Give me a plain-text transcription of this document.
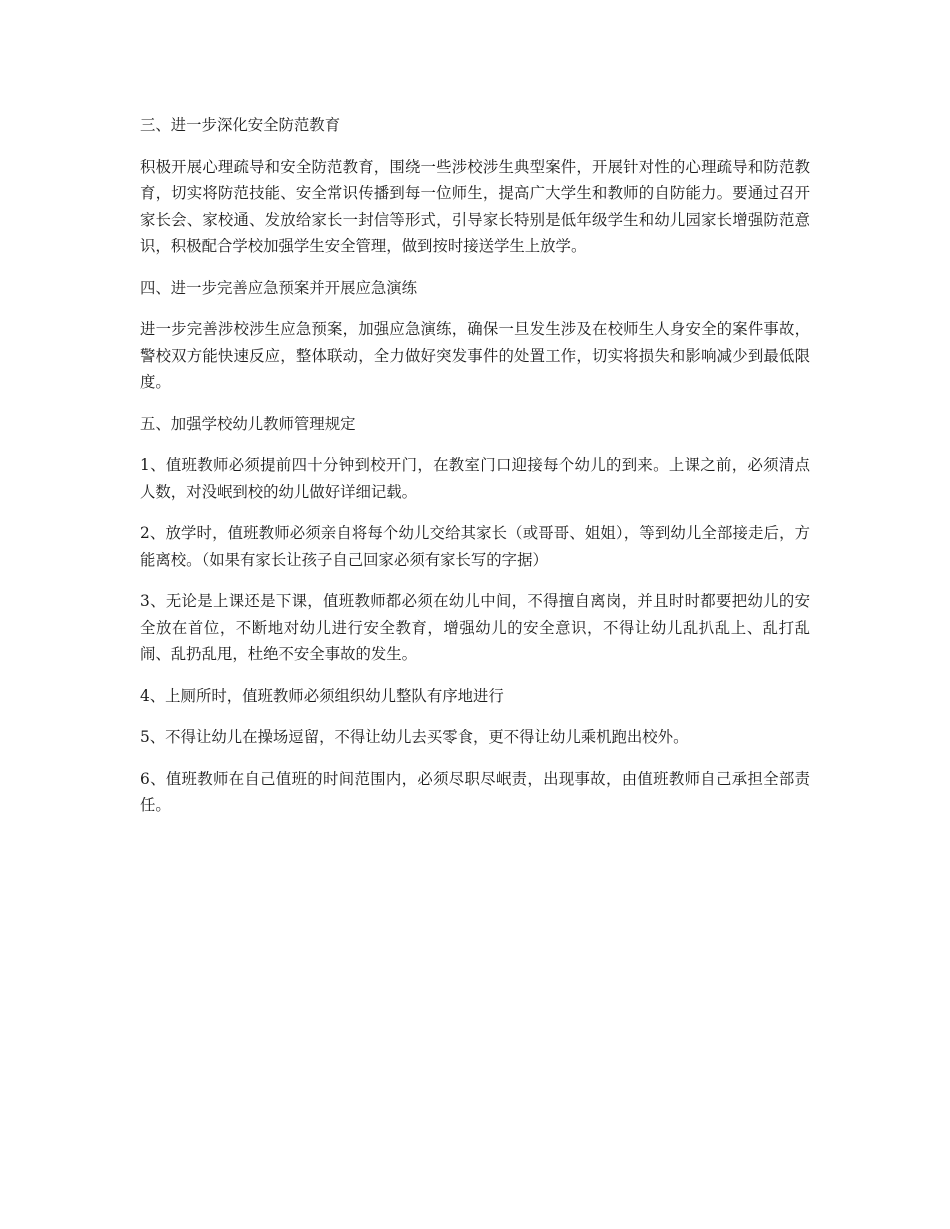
三、进一步深化安全防范教育

积极开展心理疏导和安全防范教育，围绕一些涉校涉生典型案件，开展针对性的心理疏导和防范教育，切实将防范技能、安全常识传播到每一位师生，提高广大学生和教师的自防能力。要通过召开家长会、家校通、发放给家长一封信等形式，引导家长特别是低年级学生和幼儿园家长增强防范意识，积极配合学校加强学生安全管理，做到按时接送学生上放学。

四、进一步完善应急预案并开展应急演练

进一步完善涉校涉生应急预案，加强应急演练，确保一旦发生涉及在校师生人身安全的案件事故，警校双方能快速反应，整体联动，全力做好突发事件的处置工作，切实将损失和影响减少到最低限度。

五、加强学校幼儿教师管理规定

1、值班教师必须提前四十分钟到校开门，在教室门口迎接每个幼儿的到来。上课之前，必须清点人数，对没岷到校的幼儿做好详细记载。

2、放学时，值班教师必须亲自将每个幼儿交给其家长（或哥哥、姐姐），等到幼儿全部接走后，方能离校。（如果有家长让孩子自己回家必须有家长写的字据）

3、无论是上课还是下课，值班教师都必须在幼儿中间，不得擅自离岗，并且时时都要把幼儿的安全放在首位，不断地对幼儿进行安全教育，增强幼儿的安全意识，不得让幼儿乱扒乱上、乱打乱闹、乱扔乱甩，杜绝不安全事故的发生。

4、上厕所时，值班教师必须组织幼儿整队有序地进行

5、不得让幼儿在操场逗留，不得让幼儿去买零食，更不得让幼儿乘机跑出校外。

6、值班教师在自己值班的时间范围内，必须尽职尽岷责，出现事故，由值班教师自己承担全部责任。
